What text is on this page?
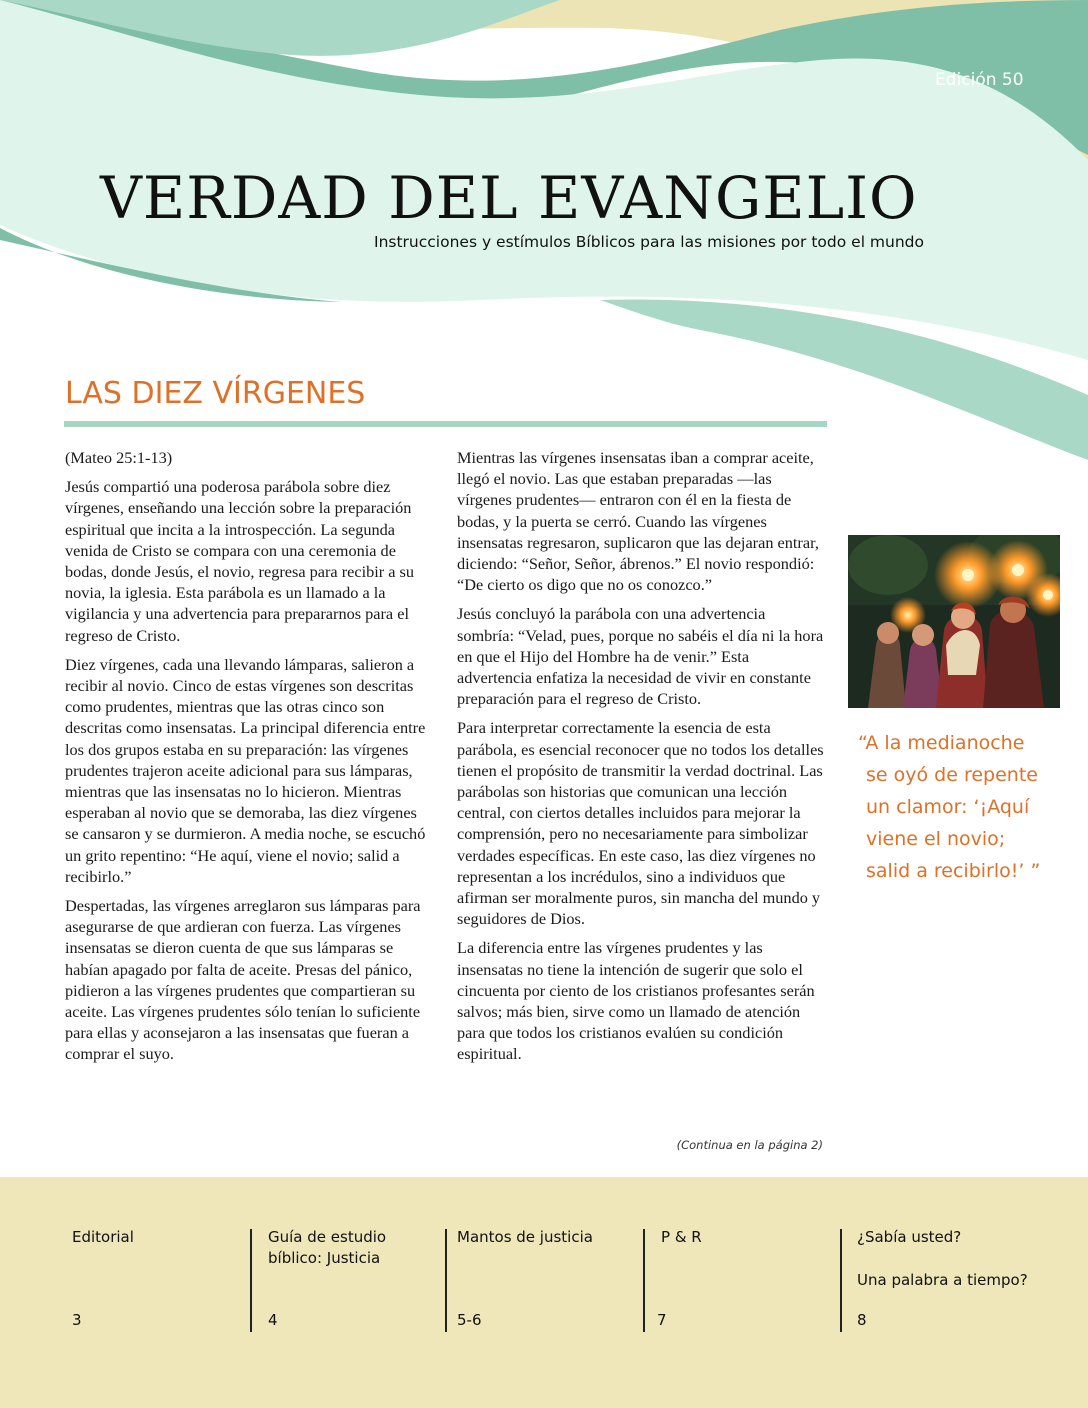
Edición 50
VERDAD DEL EVANGELIO
Instrucciones y estímulos Bíblicos para las misiones por todo el mundo
LAS DIEZ VÍRGENES

(Mateo 25:1-13)

Jesús compartió una poderosa parábola sobre diez vírgenes, enseñando una lección sobre la preparación espiritual que incita a la introspección. La segunda venida de Cristo se compara con una ceremonia de bodas, donde Jesús, el novio, regresa para recibir a su novia, la iglesia. Esta parábola es un llamado a la vigilancia y una advertencia para prepararnos para el regreso de Cristo.

Diez vírgenes, cada una llevando lámparas, salieron a recibir al novio. Cinco de estas vírgenes son descritas como prudentes, mientras que las otras cinco son descritas como insensatas. La principal diferencia entre los dos grupos estaba en su preparación: las vírgenes prudentes trajeron aceite adicional para sus lámparas, mientras que las insensatas no lo hicieron. Mientras esperaban al novio que se demoraba, las diez vírgenes se cansaron y se durmieron. A media noche, se escuchó un grito repentino: “He aquí, viene el novio; salid a recibirlo.”

Despertadas, las vírgenes arreglaron sus lámparas para asegurarse de que ardieran con fuerza. Las vírgenes insensatas se dieron cuenta de que sus lámparas se habían apagado por falta de aceite. Presas del pánico, pidieron a las vírgenes prudentes que compartieran su aceite. Las vírgenes prudentes sólo tenían lo suficiente para ellas y aconsejaron a las insensatas que fueran a comprar el suyo.

Mientras las vírgenes insensatas iban a comprar aceite, llegó el novio. Las que estaban preparadas —las vírgenes prudentes— entraron con él en la fiesta de bodas, y la puerta se cerró. Cuando las vírgenes insensatas regresaron, suplicaron que las dejaran entrar, diciendo: “Señor, Señor, ábrenos.” El novio respondió: “De cierto os digo que no os conozco.”

Jesús concluyó la parábola con una advertencia sombría: “Velad, pues, porque no sabéis el día ni la hora en que el Hijo del Hombre ha de venir.” Esta advertencia enfatiza la necesidad de vivir en constante preparación para el regreso de Cristo.

Para interpretar correctamente la esencia de esta parábola, es esencial reconocer que no todos los detalles tienen el propósito de transmitir la verdad doctrinal. Las parábolas son historias que comunican una lección central, con ciertos detalles incluidos para mejorar la comprensión, pero no necesariamente para simbolizar verdades específicas. En este caso, las diez vírgenes no representan a los incrédulos, sino a individuos que afirman ser moralmente puros, sin mancha del mundo y seguidores de Dios.

La diferencia entre las vírgenes prudentes y las insensatas no tiene la intención de sugerir que solo el cincuenta por ciento de los cristianos profesantes serán salvos; más bien, sirve como un llamado de atención para que todos los cristianos evalúen su condición espiritual.

(Continua en la página 2)
“A la medianoche
se oyó de repente
un clamor: ‘¡Aquí
viene el novio;
salid a recibirlo!’ ”
Editorial
3
Guía de estudio bíblico: Justicia
4
Mantos de justicia
5-6
P & R
7
¿Sabía usted?
Una palabra a tiempo?
8
